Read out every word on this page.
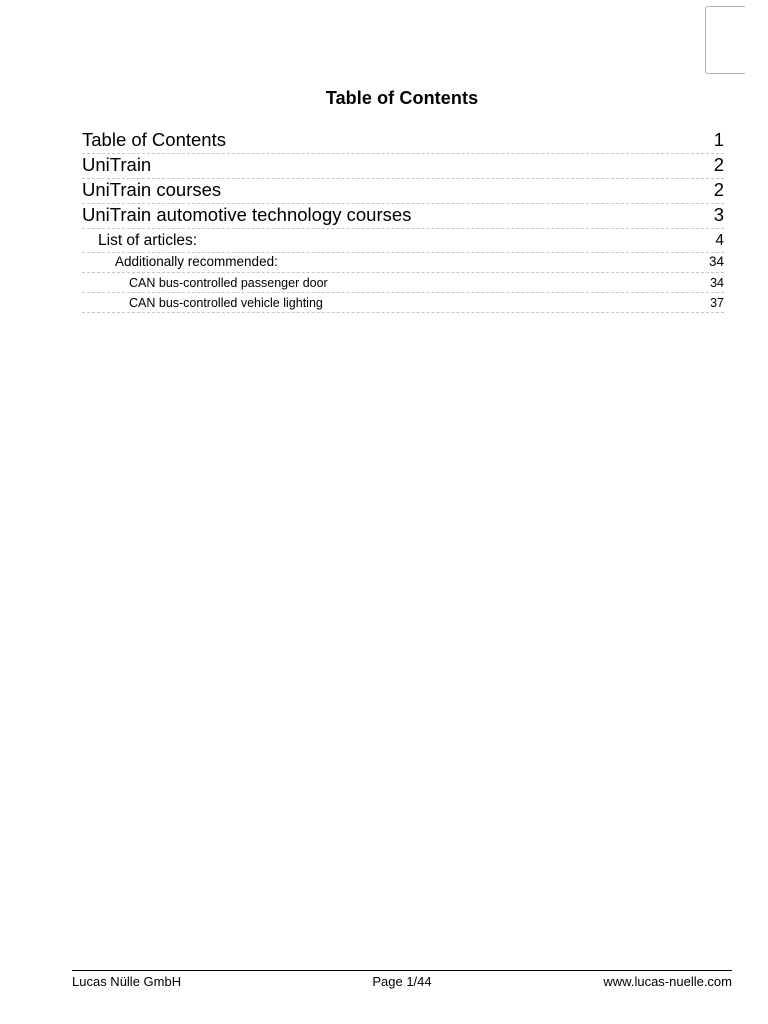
Table of Contents
Table of Contents	1
UniTrain	2
UniTrain courses	2
UniTrain automotive technology courses	3
List of articles:	4
Additionally recommended:	34
CAN bus-controlled passenger door	34
CAN bus-controlled vehicle lighting	37
Lucas Nülle GmbH	Page 1/44	www.lucas-nuelle.com
